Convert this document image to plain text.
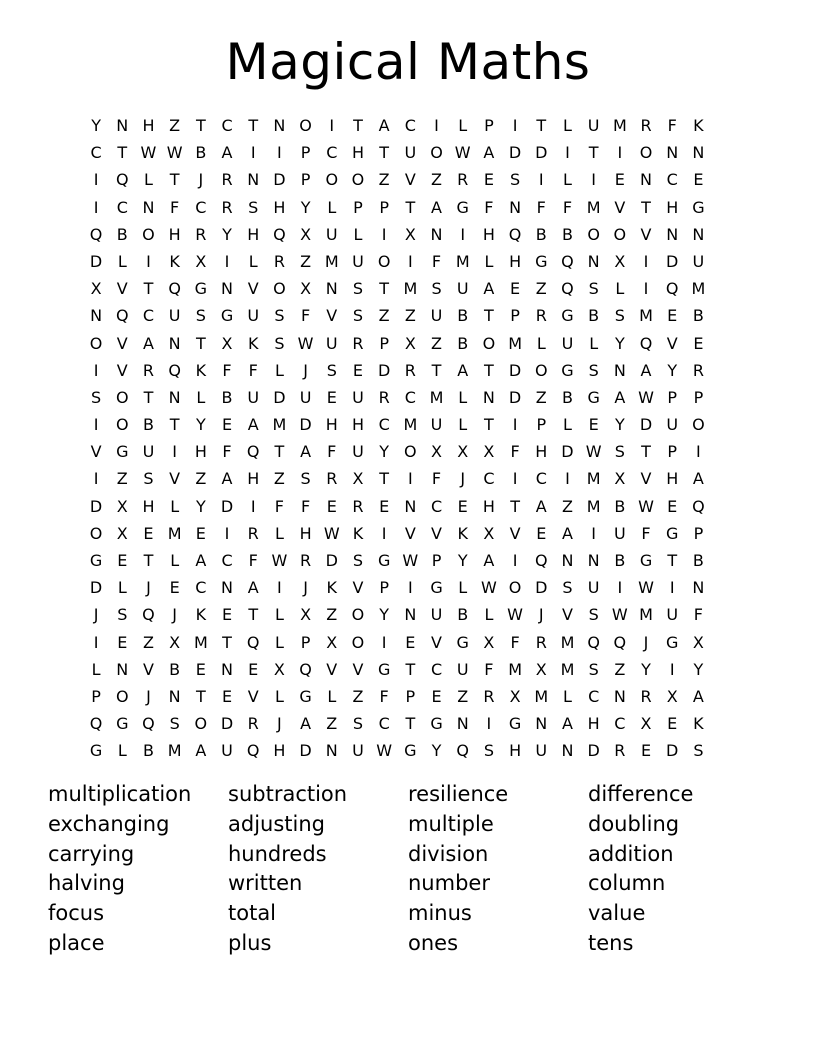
Magical Maths
Y N H Z T C T N O	I	T A C	I	L	P	I	T	L U M R	F	K
C T W W B A	I	I	P C H T U O W A D D	I	T	I	O N N
I	Q L	T	J	R N D P O O Z V Z R E	S	I	L	I	E N C E
I	C N F	C R S H Y	L	P	P	T A G F N F	F M V T H G
Q B O H R Y H Q X U L	I	X N	I	H Q B B O O V N N
D L	I	K X	I	L	R Z M U O	I	F M L H G Q N X	I	D U
X V T Q G N V O X N S	T M S U A E Z Q S	L	I	Q M
N Q C U S G U S	F	V S Z Z U B T	P R G B S M E B
O V A N T X K S W U R P X Z B O M L U L	Y Q V E
I	V R Q K	F	F	L	J	S	E D R T A T D O G S N A Y R
S O T N L	B U D U E U R C M L N D Z B G A W P	P
I	O B T	Y	E A M D H H C M U L	T	I	P	L	E	Y D U O
V G U	I	H F Q T A	F U Y O X X X	F H D W S	T	P	I
I	Z S V Z A H Z S R X T	I	F	J	C	I	C	I	M X V H A
D X H L	Y D	I	F	F	E R E N C E H T A Z M B W E Q
O X E M E	I	R	L H W K	I	V V K X V E A	I	U F G P
G E	T	L	A C	F W R D S G W P	Y A	I	Q N N B G T B
D L	J	E C N A	I	J	K V P	I	G L W O D S U	I W I	N
J	S Q	J	K E	T	L	X Z O Y N U B	L W J	V S W M U F
I	E Z X M T Q L	P X O	I	E V G X	F	R M Q Q	J	G X
L N V B E N E X Q V V G T C U F M X M S Z Y	I	Y
P O	J	N T	E V	L G L	Z	F	P	E Z R X M L	C N R X A
Q G Q S O D R	J	A Z S C T G N	I	G N A H C X E K
G L	B M A U Q H D N U W G Y Q S H U N D R E D S
multiplication	subtraction	resilience	difference
exchanging	adjusting	multiple	doubling
carrying	hundreds	division	addition
halving	written	number	column
focus	total	minus	value
place	plus	ones	tens
